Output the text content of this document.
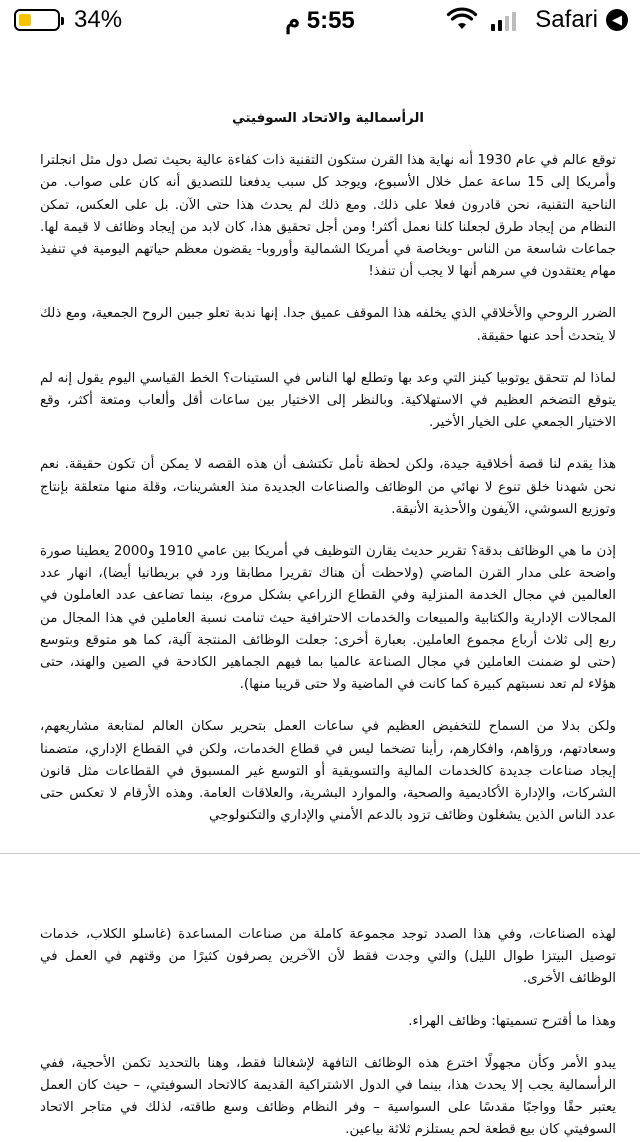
34%	5:55 م	Safari	◀

الرأسمالية والاتحاد السوفيتي

توقع عالم في عام 1930 أنه نهاية هذا القرن ستكون التقنية ذات كفاءة عالية بحيث تصل دول مثل انجلترا وأمريكا إلى 15 ساعة عمل خلال الأسبوع، ويوجد كل سبب يدفعنا للتصديق أنه كان على صواب. من الناحية التقنية، نحن قادرون فعلا على ذلك. ومع ذلك لم يحدث هذا حتى الآن. بل على العكس، تمكن النظام من إيجاد طرق لجعلنا كلنا نعمل أكثر! ومن أجل تحقيق هذا، كان لابد من إيجاد وظائف لا قيمة لها. جماعات شاسعة من الناس -وبخاصة في أمريكا الشمالية وأوروبا- يقضون معظم حياتهم اليومية في تنفيذ مهام يعتقدون في سرهم أنها لا يجب أن تنفذ!

الضرر الروحي والأخلاقي الذي يخلفه هذا الموقف عميق جدا. إنها ندبة تعلو جبين الروح الجمعية، ومع ذلك لا يتحدث أحد عنها حقيقة.

لماذا لم تتحقق يوتوبيا كينز التي وعد بها وتطلع لها الناس في الستينات؟ الخط القياسي اليوم يقول إنه لم يتوقع التضخم العظيم في الاستهلاكية. وبالنظر إلى الاختيار بين ساعات أقل وألعاب ومتعة أكثر، وقع الاختيار الجمعي على الخيار الأخير.

هذا يقدم لنا قصة أخلاقية جيدة، ولكن لحظة تأمل تكتشف أن هذه القصه لا يمكن أن تكون حقيقة. نعم نحن شهدنا خلق تنوع لا نهائي من الوظائف والصناعات الجديدة منذ العشرينات، وقلة منها متعلقة بإنتاج وتوزيع السوشي، الآيفون والأحذية الأنيقة.

إذن ما هي الوظائف بدقة؟ تقرير حديث يقارن التوظيف في أمريكا بين عامي 1910 و2000 يعطينا صورة واضحة على مدار القرن الماضي (ولاحظت أن هناك تقريرا مطابقا ورد في بريطانيا أيضا)، انهار عدد العالمين في مجال الخدمة المنزلية وفي القطاع الزراعي بشكل مروع، بينما تضاعف عدد العاملون في المجالات الإدارية والكتابية والمبيعات والخدمات الاحترافية حيث تنامت نسبة العاملين في هذا المجال من ربع إلى ثلاث أرباع مجموع العاملين. بعبارة أخرى: جعلت الوظائف المنتجة آلية، كما هو متوقع وبتوسع (حتى لو ضمنت العاملين في مجال الصناعة عالميا بما فيهم الجماهير الكادحة في الصين والهند، حتى هؤلاء لم تعد نسبتهم كبيرة كما كانت في الماضية ولا حتى قريبا منها).

ولكن بدلا من السماح للتخفيض العظيم في ساعات العمل بتحرير سكان العالم لمتابعة مشاريعهم، وسعادتهم، ورؤاهم، وافكارهم، رأينا تضخما ليس في قطاع الخدمات، ولكن في القطاع الإداري، متضمنا إيجاد صناعات جديدة كالخدمات المالية والتسويقية أو التوسع غير المسبوق في القطاعات مثل قانون الشركات، والإدارة الأكاديمية والصحية، والموارد البشرية، والعلاقات العامة. وهذه الأرقام لا تعكس حتى عدد الناس الذين يشغلون وظائف تزود بالدعم الأمني والإداري والتكنولوجي

لهذه الصناعات، وفي هذا الصدد توجد مجموعة كاملة من صناعات المساعدة (غاسلو الكلاب، خدمات توصيل البيتزا طوال الليل) والتي وجدت فقط لأن الآخرين يصرفون كثيرًا من وقتهم في العمل في الوظائف الأخرى.

وهذا ما أقترح تسميتها: وظائف الهراء.

يبدو الأمر وكأن مجهولًا اخترع هذه الوظائف التافهة لإشغالنا فقط، وهنا بالتحديد تكمن الأحجية، ففي الرأسمالية يجب إلا يحدث هذا، بينما في الدول الاشتراكية القديمة كالاتحاد السوفيتي، – حيث كان العمل يعتبر حقًا وواجبًا مقدسًا على السواسية – وفر النظام وظائف وسع طاقته، لذلك في متاجر الاتحاد السوفيتي كان بيع قطعة لحم يستلزم ثلاثة بياعين.
